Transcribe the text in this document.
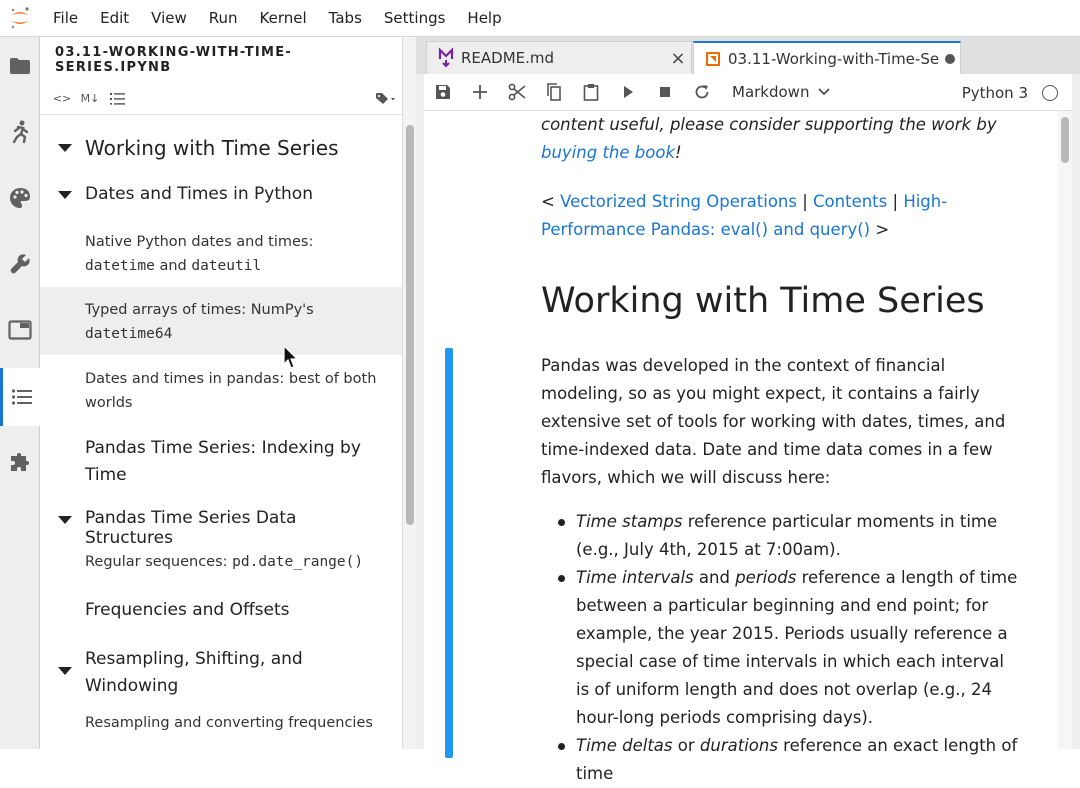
File	Edit	View	Run	Kernel	Tabs	Settings	Help
03.11-WORKING-WITH-TIME-SERIES.IPYNB
<> M↓
Working with Time Series
Dates and Times in Python
Native Python dates and times:
datetime and dateutil
Typed arrays of times: NumPy's
datetime64
Dates and times in pandas: best of both worlds
Pandas Time Series: Indexing by Time
Pandas Time Series Data Structures
Regular sequences: pd.date_range()
Frequencies and Offsets
Resampling, Shifting, and Windowing
Resampling and converting frequencies
README.md	×	03.11-Working-with-Time-Se
Markdown	Python 3
content useful, please consider supporting the work by buying the book!
< Vectorized String Operations | Contents | High-Performance Pandas: eval() and query() >
Working with Time Series
Pandas was developed in the context of financial modeling, so as you might expect, it contains a fairly extensive set of tools for working with dates, times, and time-indexed data. Date and time data comes in a few flavors, which we will discuss here:
Time stamps reference particular moments in time (e.g., July 4th, 2015 at 7:00am).
Time intervals and periods reference a length of time between a particular beginning and end point; for example, the year 2015. Periods usually reference a special case of time intervals in which each interval is of uniform length and does not overlap (e.g., 24 hour-long periods comprising days).
Time deltas or durations reference an exact length of time
